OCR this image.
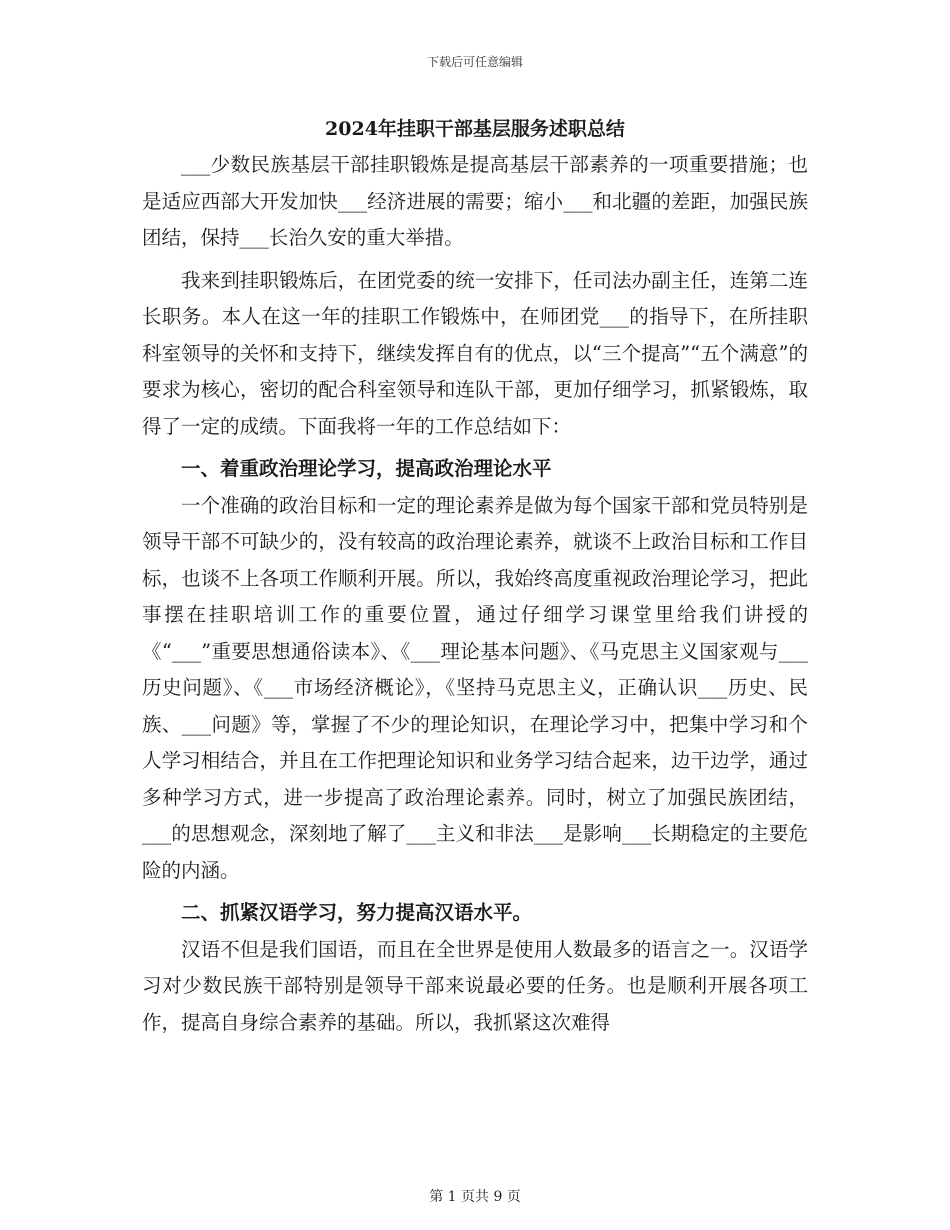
下载后可任意编辑
2024年挂职干部基层服务述职总结

___少数民族基层干部挂职锻炼是提高基层干部素养的一项重要措施；也是适应西部大开发加快___经济进展的需要；缩小___和北疆的差距，加强民族团结，保持___长治久安的重大举措。

我来到挂职锻炼后，在团党委的统一安排下，任司法办副主任，连第二连长职务。本人在这一年的挂职工作锻炼中，在师团党___的指导下，在所挂职科室领导的关怀和支持下，继续发挥自有的优点，以“三个提高”“五个满意”的要求为核心，密切的配合科室领导和连队干部，更加仔细学习，抓紧锻炼，取得了一定的成绩。下面我将一年的工作总结如下：

一、着重政治理论学习，提高政治理论水平

一个准确的政治目标和一定的理论素养是做为每个国家干部和党员特别是领导干部不可缺少的，没有较高的政治理论素养，就谈不上政治目标和工作目标，也谈不上各项工作顺利开展。所以，我始终高度重视政治理论学习，把此事摆在挂职培训工作的重要位置，通过仔细学习课堂里给我们讲授的《“___”重要思想通俗读本》、《___理论基本问题》、《马克思主义国家观与___历史问题》、《___市场经济概论》，《坚持马克思主义，正确认识___历史、民族、___问题》等，掌握了不少的理论知识，在理论学习中，把集中学习和个人学习相结合，并且在工作把理论知识和业务学习结合起来，边干边学，通过多种学习方式，进一步提高了政治理论素养。同时，树立了加强民族团结，___的思想观念，深刻地了解了___主义和非法___是影响___长期稳定的主要危险的内涵。

二、抓紧汉语学习，努力提高汉语水平。

汉语不但是我们国语，而且在全世界是使用人数最多的语言之一。汉语学习对少数民族干部特别是领导干部来说最必要的任务。也是顺利开展各项工作，提高自身综合素养的基础。所以，我抓紧这次难得

第 1 页共 9 页
